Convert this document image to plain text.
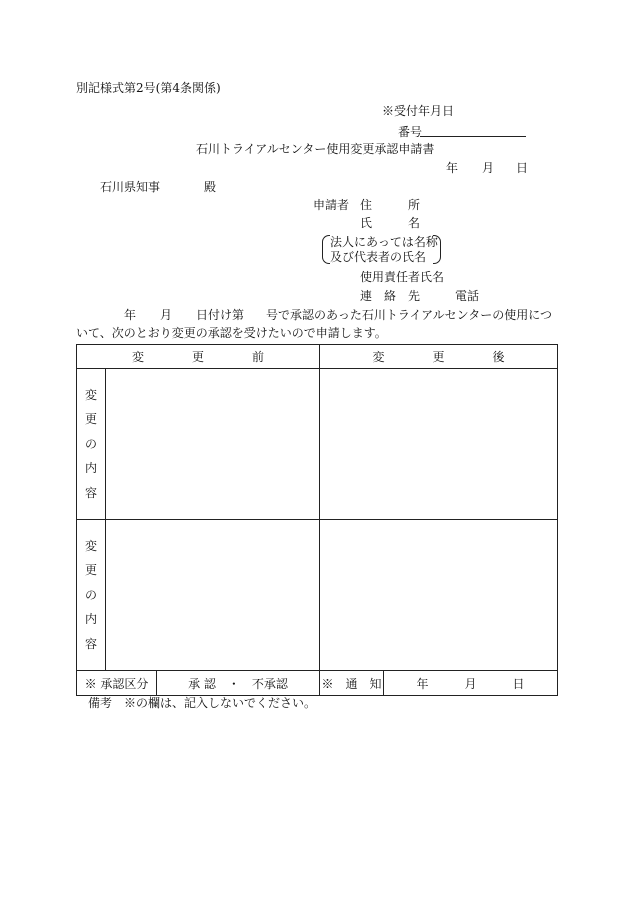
別記様式第2号(第4条関係)
※受付年月日
番号
石川トライアルセンター使用変更承認申請書
年 月 日
石川県知事	殿
申請者 住　　　所
氏　　　名
法人にあっては名称
及び代表者の氏名
使用責任者氏名
連　絡　先	電話
年 月 日付け第 号で承認のあった石川トライアルセンターの使用につ
いて、次のとおり変更の承認を受けたいので申請します。
変　　　　更　　　　前			変　　　　更　　　　後	

変
更
の
内
容				

変
更
の
内
容				

※ 承認区分		承 認　・　不承認	※　通　知	年　　　月　　　日
備考　※の欄は、記入しないでください。
